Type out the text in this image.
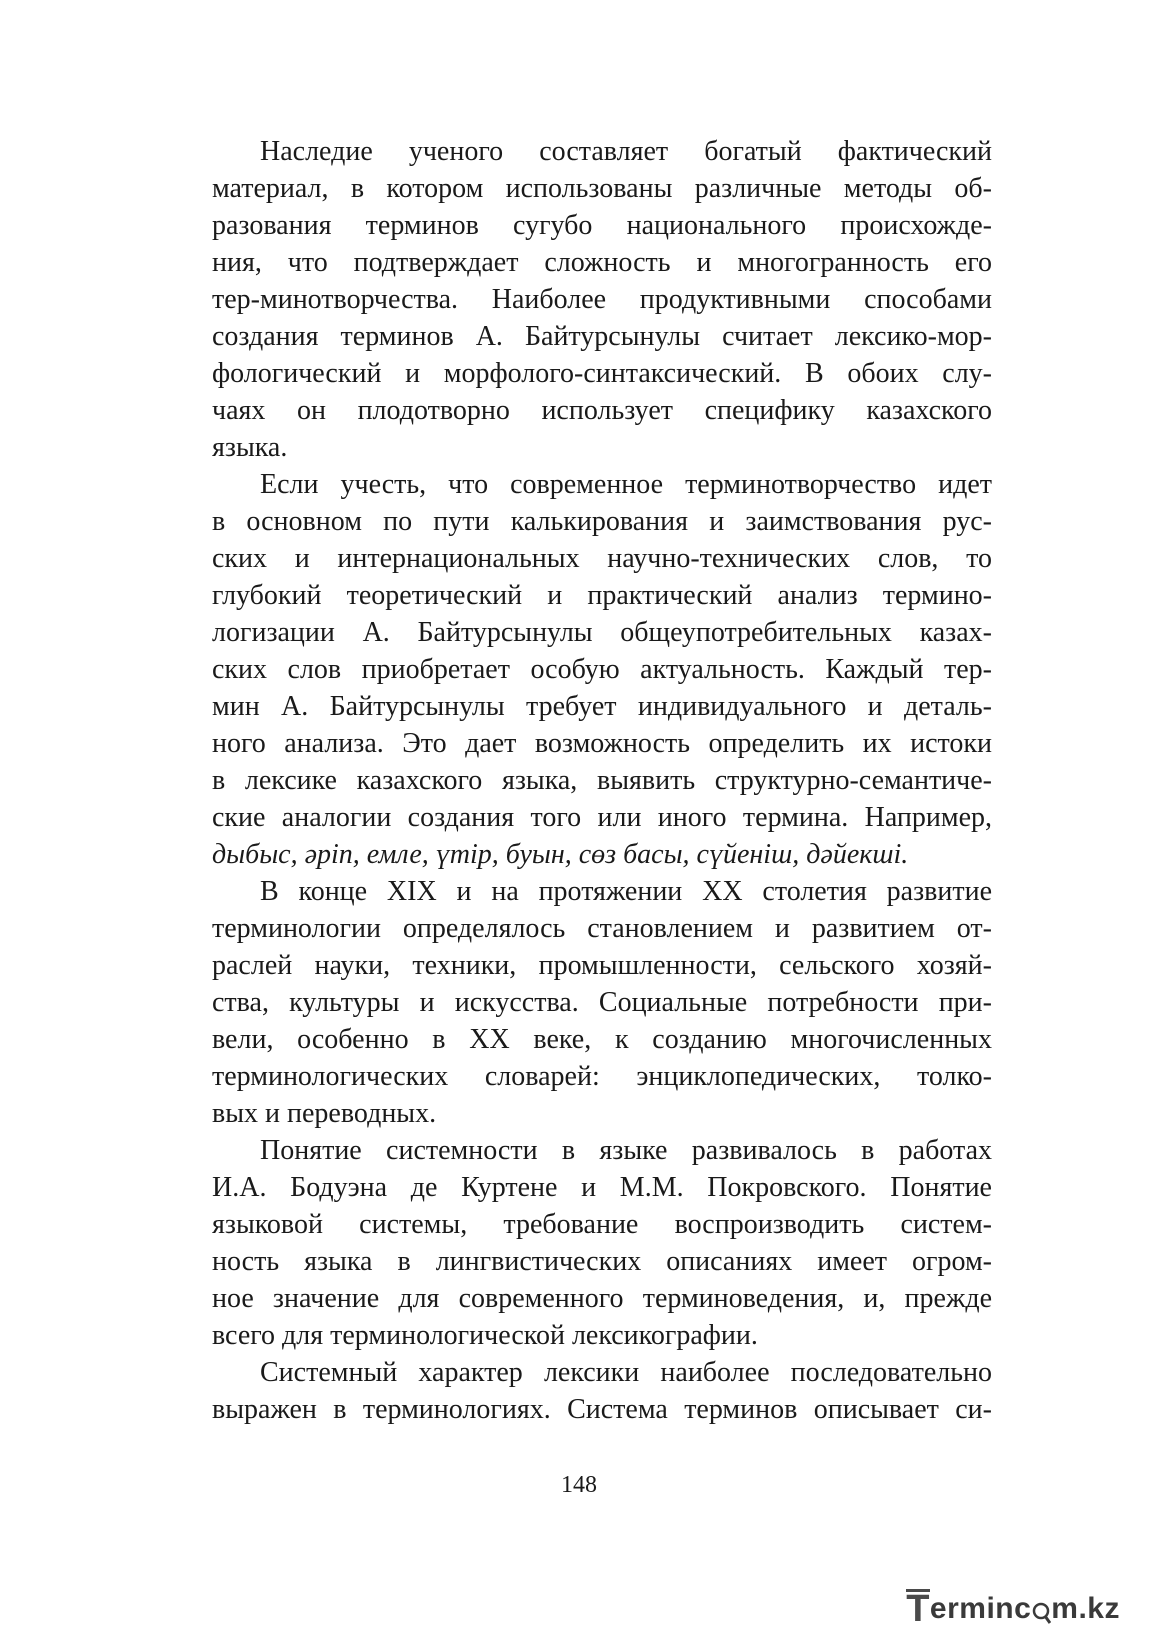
Наследие ученого составляет богатый фактический
материал, в котором использованы различные методы об-
разования терминов сугубо национального происхожде-
ния, что подтверждает сложность и многогранность его
тер-минотворчества. Наиболее продуктивными способами
создания терминов А. Байтурсынулы считает лексико-мор-
фологический и морфолого-синтаксический. В обоих слу-
чаях он плодотворно использует специфику казахского
языка.
Если учесть, что современное терминотворчество идет
в основном по пути калькирования и заимствования рус-
ских и интернациональных научно-технических слов, то
глубокий теоретический и практический анализ термино-
логизации А. Байтурсынулы общеупотребительных казах-
ских слов приобретает особую актуальность. Каждый тер-
мин А. Байтурсынулы требует индивидуального и деталь-
ного анализа. Это дает возможность определить их истоки
в лексике казахского языка, выявить структурно-семантиче-
ские аналогии создания того или иного термина. Например,
дыбыс, әріп, емле, үтір, буын, сөз басы, сүйеніш, дәйекші.
В конце XIX и на протяжении XX столетия развитие
терминологии определялось становлением и развитием от-
раслей науки, техники, промышленности, сельского хозяй-
ства, культуры и искусства. Социальные потребности при-
вели, особенно в XX веке, к созданию многочисленных
терминологических словарей: энциклопедических, толко-
вых и переводных.
Понятие системности в языке развивалось в работах
И.А. Бодуэна де Куртене и М.М. Покровского. Понятие
языковой системы, требование воспроизводить систем-
ность языка в лингвистических описаниях имеет огром-
ное значение для современного терминоведения, и, прежде
всего для терминологической лексикографии.
Системный характер лексики наиболее последовательно
выражен в терминологиях. Система терминов описывает си-
148
T erminc m.kz
